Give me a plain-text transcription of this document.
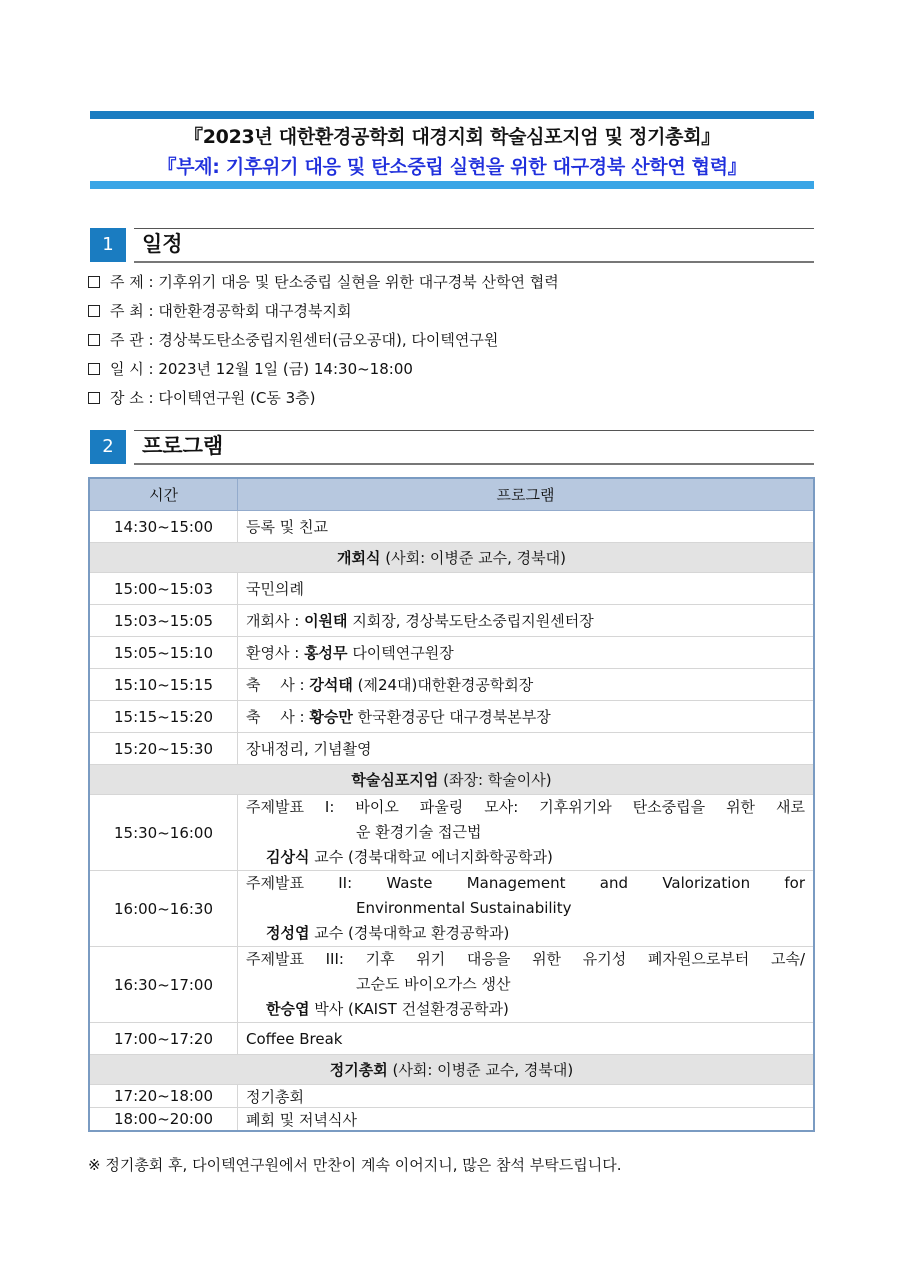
『2023년 대한환경공학회 대경지회 학술심포지엄 및 정기총회』
『부제: 기후위기 대응 및 탄소중립 실현을 위한 대구경북 산학연 협력』
1	일정
주 제 : 기후위기 대응 및 탄소중립 실현을 위한 대구경북 산학연 협력
주 최 : 대한환경공학회 대구경북지회
주 관 : 경상북도탄소중립지원센터(금오공대), 다이텍연구원
일 시 : 2023년 12월 1일 (금) 14:30~18:00
장 소 : 다이텍연구원 (C동 3층)
2	프로그램
시간	프로그램
14:30~15:00	등록 및 친교
개회식 (사회: 이병준 교수, 경북대)	
15:00~15:03	국민의례
15:03~15:05	개회사 : 이원태 지회장, 경상북도탄소중립지원센터장
15:05~15:10	환영사 : 홍성무 다이텍연구원장
15:10~15:15	축　 사 : 강석태 (제24대)대한환경공학회장
15:15~15:20	축　 사 : 황승만 한국환경공단 대구경북본부장
15:20~15:30	장내정리, 기념촬영
학술심포지엄 (좌장: 학술이사)	
15:30~16:00	주제발표 I: 바이오 파울링 모사: 기후위기와 탄소중립을 위한 새로
운 환경기술 접근법
김상식 교수 (경북대학교 에너지화학공학과)

16:00~16:30	주제발표 II: Waste Management and Valorization for
Environmental Sustainability
정성엽 교수 (경북대학교 환경공학과)

16:30~17:00	주제발표 III: 기후 위기 대응을 위한 유기성 폐자원으로부터 고속/
고순도 바이오가스 생산
한승엽 박사 (KAIST 건설환경공학과)

17:00~17:20	Coffee Break
정기총회 (사회: 이병준 교수, 경북대)	
17:20~18:00	정기총회
18:00~20:00	폐회 및 저녁식사
※ 정기총회 후, 다이텍연구원에서 만찬이 계속 이어지니, 많은 참석 부탁드립니다.
